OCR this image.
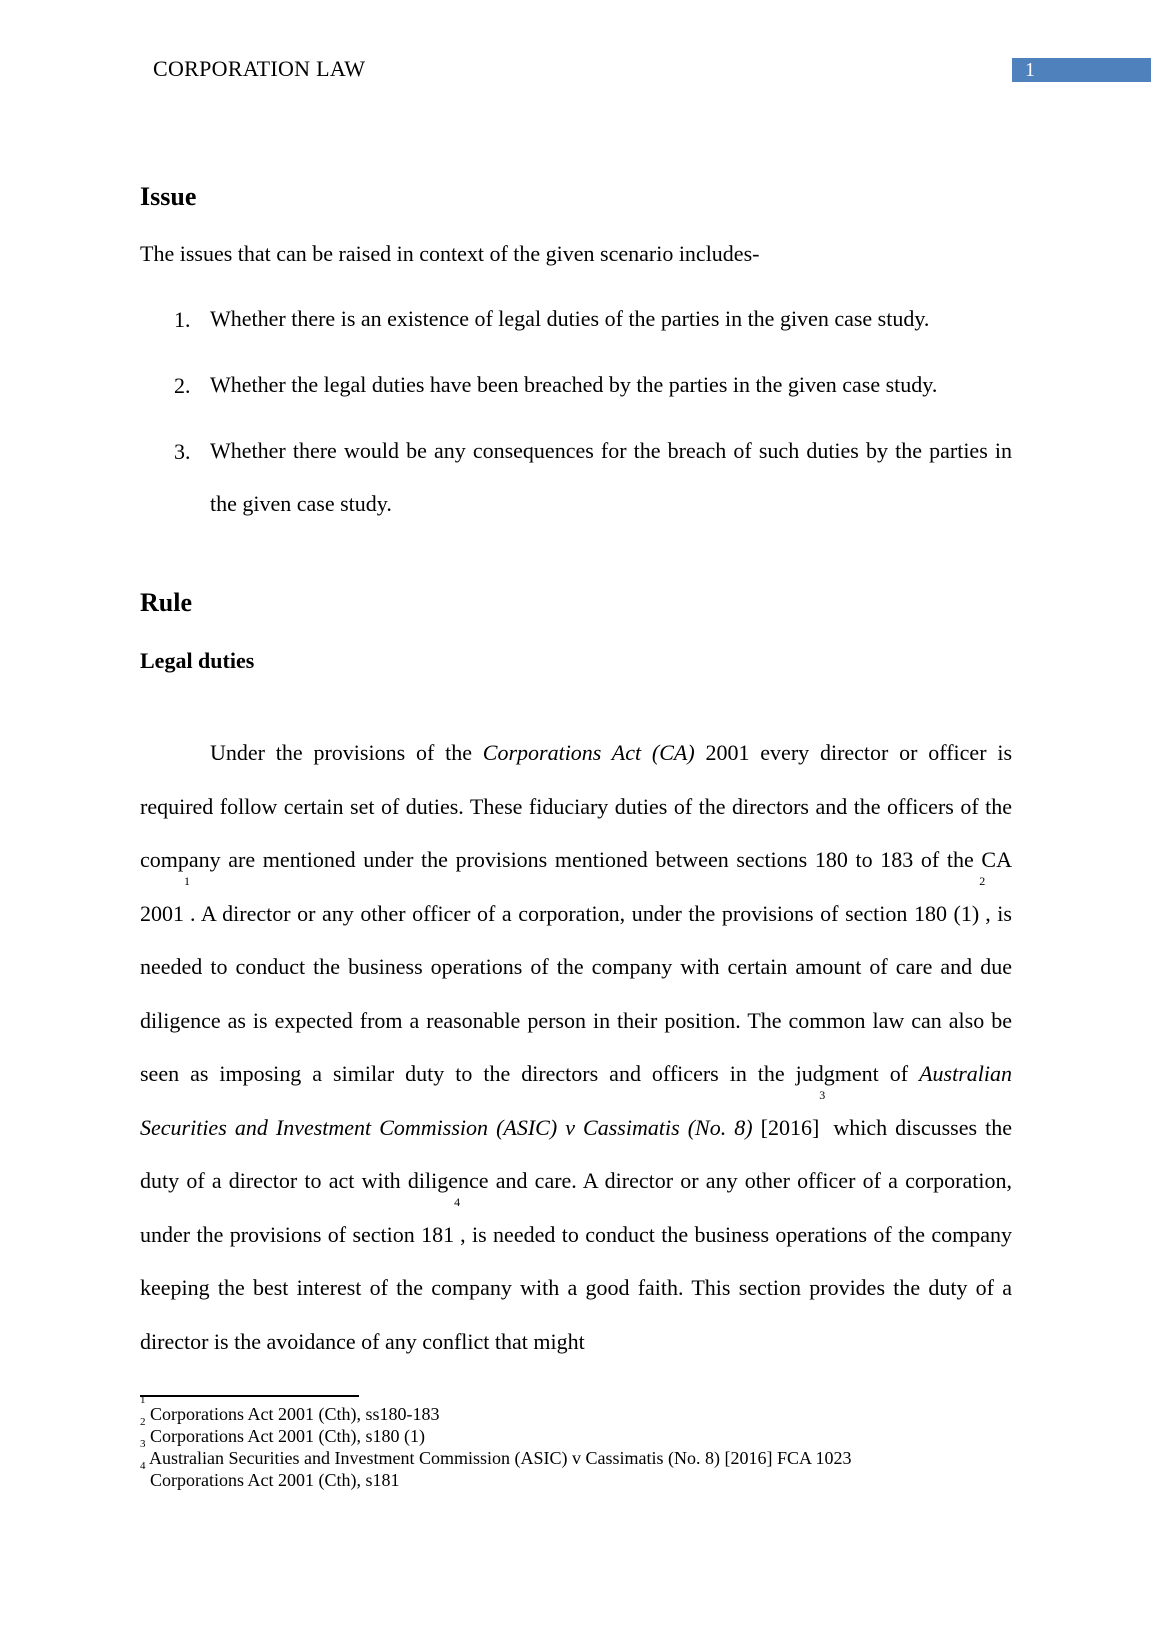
CORPORATION LAW	1
Issue
The issues that can be raised in context of the given scenario includes-
1. Whether there is an existence of legal duties of the parties in the given case study.
2. Whether the legal duties have been breached by the parties in the given case study.
3. Whether there would be any consequences for the breach of such duties by the parties in the given case study.
Rule
Legal duties

Under the provisions of the Corporations Act (CA) 2001 every director or officer is required follow certain set of duties. These fiduciary duties of the directors and the officers of the company are mentioned under the provisions mentioned between sections 180 to 183 of the CA 2001$^1$. A director or any other officer of a corporation, under the provisions of section 180 $(1)^2$, is needed to conduct the business operations of the company with certain amount of care and due diligence as is expected from a reasonable person in their position. The common law can also be seen as imposing a similar duty to the directors and officers in the judgment of Australian Securities and Investment Commission (ASIC) v Cassimatis (No. 8) $[2016]^3$ which discusses the duty of a director to act with diligence and care. A director or any other officer of a corporation, under the provisions of section $181^4$, is needed to conduct the business operations of the company keeping the best interest of the company with a good faith. This section provides the duty of a director is the avoidance of any conflict that might

$^1$ Corporations Act 2001 (Cth), ss180-183
$^2$ Corporations Act 2001 (Cth), s180 (1)
$^3$ Australian Securities and Investment Commission (ASIC) v Cassimatis (No. 8) [2016] FCA 1023
$^4$ Corporations Act 2001 (Cth), s181
